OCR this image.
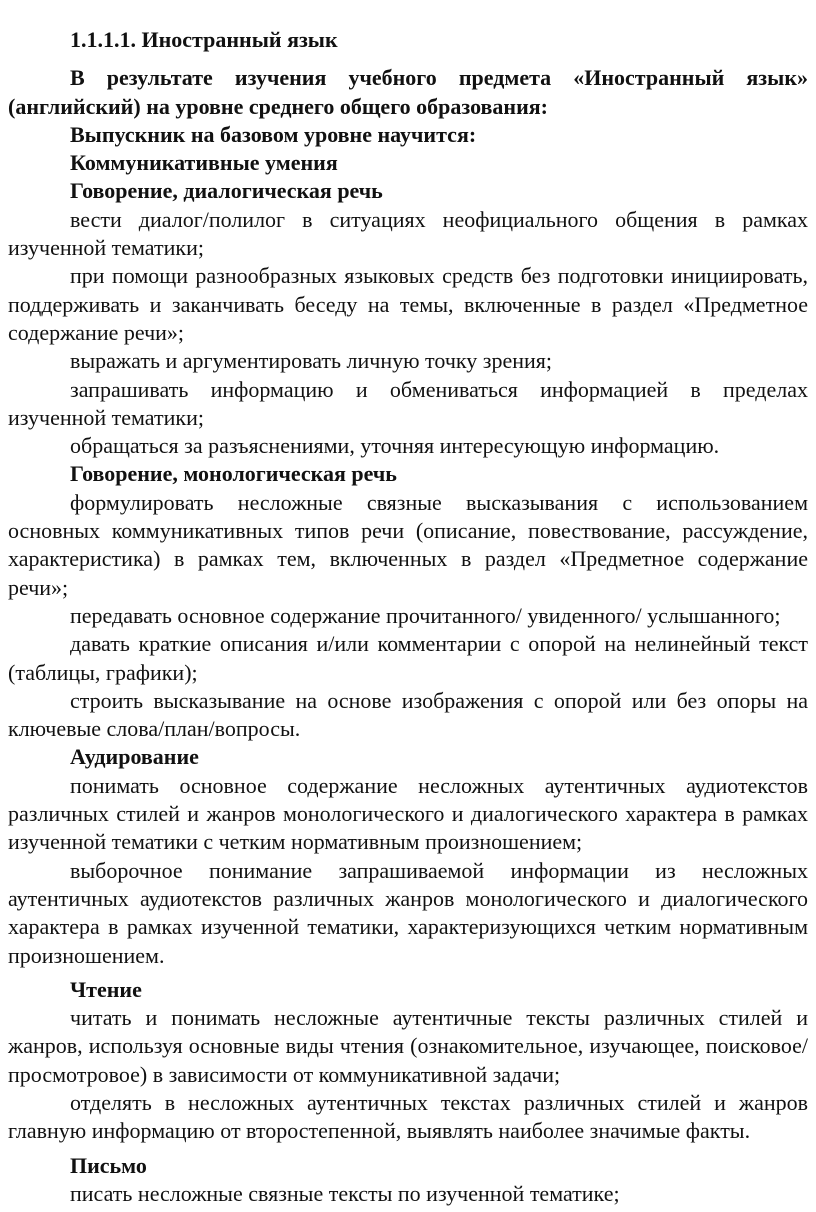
1.1.1.1. Иностранный язык

В результате изучения учебного предмета «Иностранный язык» (английский) на уровне среднего общего образования:

Выпускник на базовом уровне научится:

Коммуникативные умения

Говорение, диалогическая речь

вести диалог/полилог в ситуациях неофициального общения в рамках изученной тематики;

при помощи разнообразных языковых средств без подготовки инициировать, поддерживать и заканчивать беседу на темы, включенные в раздел «Предметное содержание речи»;

выражать и аргументировать личную точку зрения;

запрашивать информацию и обмениваться информацией в пределах изученной тематики;

обращаться за разъяснениями, уточняя интересующую информацию.

Говорение, монологическая речь

формулировать несложные связные высказывания с использованием основных коммуникативных типов речи (описание, повествование, рассуждение, характеристика) в рамках тем, включенных в раздел «Предметное содержание речи»;

передавать основное содержание прочитанного/ увиденного/ услышанного;

давать краткие описания и/или комментарии с опорой на нелинейный текст (таблицы, графики);

строить высказывание на основе изображения с опорой или без опоры на ключевые слова/план/вопросы.

Аудирование

понимать основное содержание несложных аутентичных аудиотекстов различных стилей и жанров монологического и диалогического характера в рамках изученной тематики с четким нормативным произношением;

выборочное понимание запрашиваемой информации из несложных аутентичных аудиотекстов различных жанров монологического и диалогического характера в рамках изученной тематики, характеризующихся четким нормативным произношением.

Чтение

читать и понимать несложные аутентичные тексты различных стилей и жанров, используя основные виды чтения (ознакомительное, изучающее, поисковое/просмотровое) в зависимости от коммуникативной задачи;

отделять в несложных аутентичных текстах различных стилей и жанров главную информацию от второстепенной, выявлять наиболее значимые факты.

Письмо

писать несложные связные тексты по изученной тематике;
